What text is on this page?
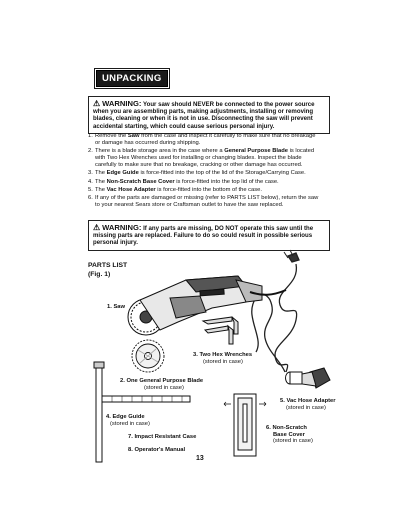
UNPACKING
⚠ WARNING: Your saw should NEVER be connected to the power source when you are assembling parts, making adjustments, installing or removing blades, cleaning or when it is not in use. Disconnecting the saw will prevent accidental starting, which could cause serious personal injury.
1. Remove the Saw from the case and inspect it carefully to make sure that no breakage or damage has occurred during shipping.
2. There is a blade storage area in the case where a General Purpose Blade is located with Two Hex Wrenches used for installing or changing blades. Inspect the blade carefully to make sure that no breakage, cracking or other damage has occurred.
3. The Edge Guide is force-fitted into the top of the lid of the Storage/Carrying Case.
4. The Non-Scratch Base Cover is force-fitted into the top lid of the case.
5. The Vac Hose Adapter is force-fitted into the bottom of the case.
6. If any of the parts are damaged or missing (refer to PARTS LIST below), return the saw to your nearest Sears store or Craftsman outlet to have the saw replaced.
⚠ WARNING: If any parts are missing, DO NOT operate this saw until the missing parts are replaced. Failure to do so could result in possible serious personal injury.
PARTS LIST
(Fig. 1)
1. Saw
3. Two Hex Wrenches
(stored in case)
2. One General Purpose Blade
(stored in case)
5. Vac Hose Adapter
(stored in case)
4. Edge Guide
(stored in case)
6. Non-Scratch
Base Cover
(stored in case)
7. Impact Resistant Case
8. Operator's Manual
13
